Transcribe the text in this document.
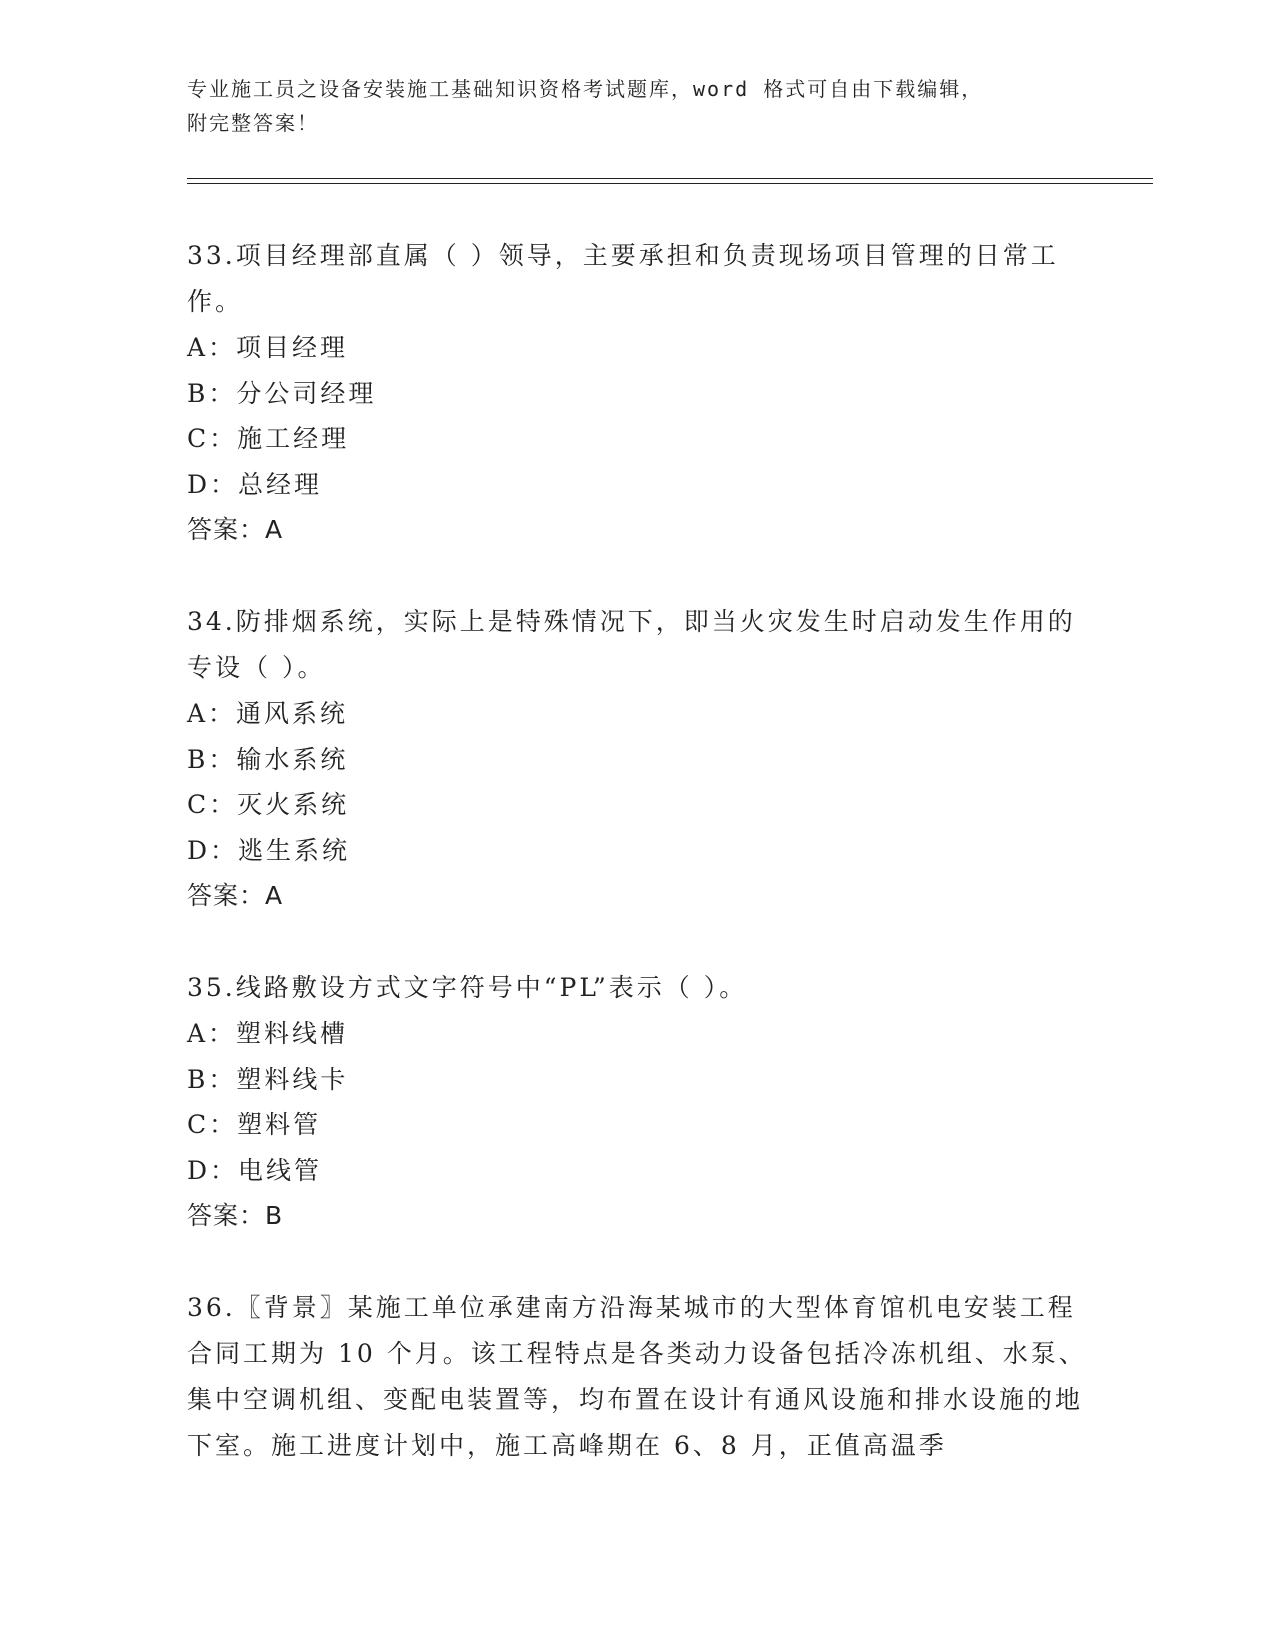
专业施工员之设备安装施工基础知识资格考试题库，word 格式可自由下载编辑，
附完整答案！

33.项目经理部直属（ ）领导，主要承担和负责现场项目管理的日常工作。

A：项目经理

B：分公司经理

C：施工经理

D：总经理

答案：A

34.防排烟系统，实际上是特殊情况下，即当火灾发生时启动发生作用的专设（ ）。

A：通风系统

B：输水系统

C：灭火系统

D：逃生系统

答案：A

35.线路敷设方式文字符号中“PL”表示（ ）。

A：塑料线槽

B：塑料线卡

C：塑料管

D：电线管

答案：B

36.〖背景〗某施工单位承建南方沿海某城市的大型体育馆机电安装工程合同工期为 10 个月。该工程特点是各类动力设备包括冷冻机组、水泵、集中空调机组、变配电装置等，均布置在设计有通风设施和排水设施的地下室。施工进度计划中，施工高峰期在 6、8 月，正值高温季
